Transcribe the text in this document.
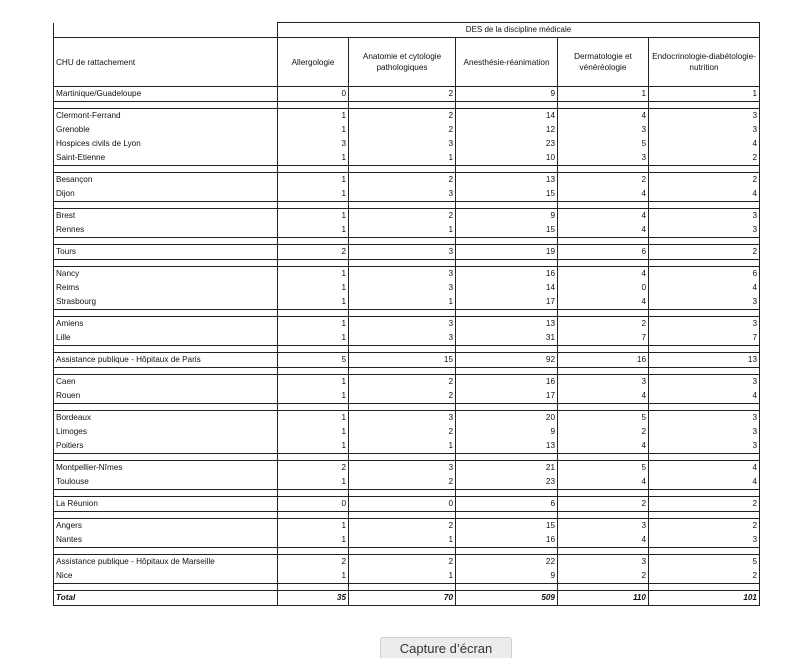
	DES de la discipline médicale				
CHU de rattachement	Allergologie	Anatomie et cytologie pathologiques	Anesthésie-réanimation	Dermatologie et vénéréologie	Endocrinologie-diabétologie-nutrition
Martinique/Guadeloupe	0	2	9	1	1

Clermont-Ferrand	1	2	14	4	3
Grenoble	1	2	12	3	3
Hospices civils de Lyon	3	3	23	5	4
Saint-Etienne	1	1	10	3	2

Besançon	1	2	13	2	2
Dijon	1	3	15	4	4

Brest	1	2	9	4	3
Rennes	1	1	15	4	3

Tours	2	3	19	6	2

Nancy	1	3	16	4	6
Reims	1	3	14	0	4
Strasbourg	1	1	17	4	3

Amiens	1	3	13	2	3
Lille	1	3	31	7	7

Assistance publique - Hôpitaux de Paris	5	15	92	16	13

Caen	1	2	16	3	3
Rouen	1	2	17	4	4

Bordeaux	1	3	20	5	3
Limoges	1	2	9	2	3
Poitiers	1	1	13	4	3

Montpellier-Nîmes	2	3	21	5	4
Toulouse	1	2	23	4	4

La Réunion	0	0	6	2	2

Angers	1	2	15	3	2
Nantes	1	1	16	4	3

Assistance publique - Hôpitaux de Marseille	2	2	22	3	5
Nice	1	1	9	2	2

Total	35	70	509	110	101
Capture d’écran
